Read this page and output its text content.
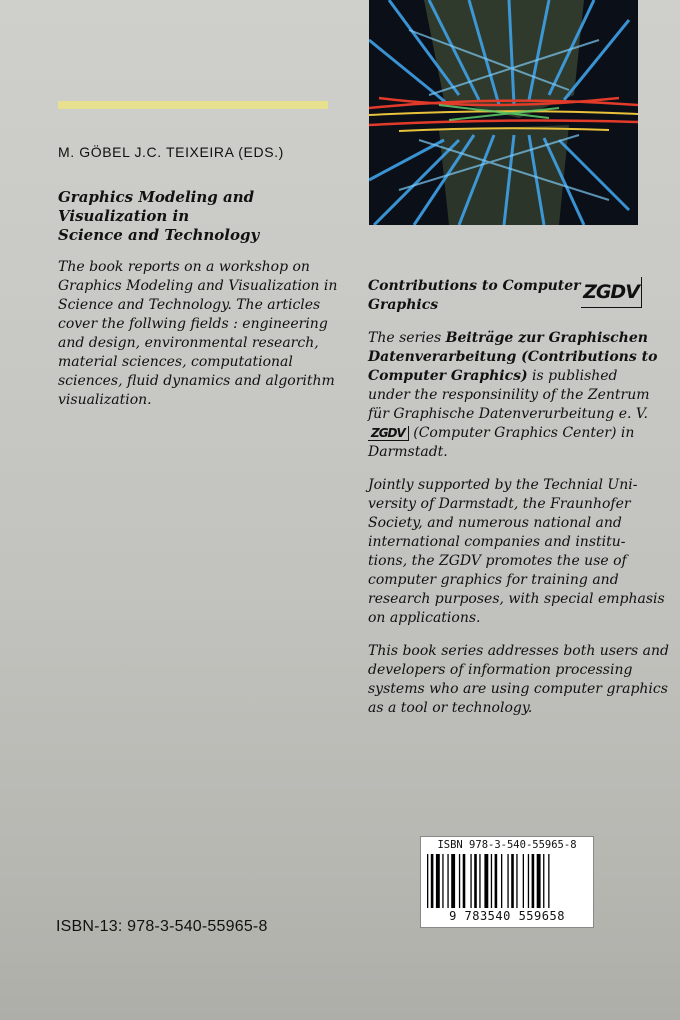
M. GÖBEL J.C. TEIXEIRA (EDS.)
Graphics Modeling and
Visualization in
Science and Technology
The book reports on a workshop on
Graphics Modeling and Visualization in
Science and Technology. The articles
cover the follwing fields : engineering
and design, environmental research,
material sciences, computational
sciences, fluid dynamics and algorithm
visualization.
Contributions to Computer
Graphics
ZGDV
The series Beiträge zur Graphischen
Datenverarbeitung (Contributions to
Computer Graphics) is published
under the responsinility of the Zentrum
für Graphische Datenverurbeitung e. V.
ZGDV (Computer Graphics Center) in
Darmstadt.
Jointly supported by the Technial Uni-
versity of Darmstadt, the Fraunhofer
Society, and numerous national and
international companies and institu-
tions, the ZGDV promotes the use of
computer graphics for training and
research purposes, with special emphasis
on applications.
This book series addresses both users and
developers of information processing
systems who are using computer graphics
as a tool or technology.
ISBN-13: 978-3-540-55965-8
ISBN 978-3-540-55965-8
9 783540 559658
